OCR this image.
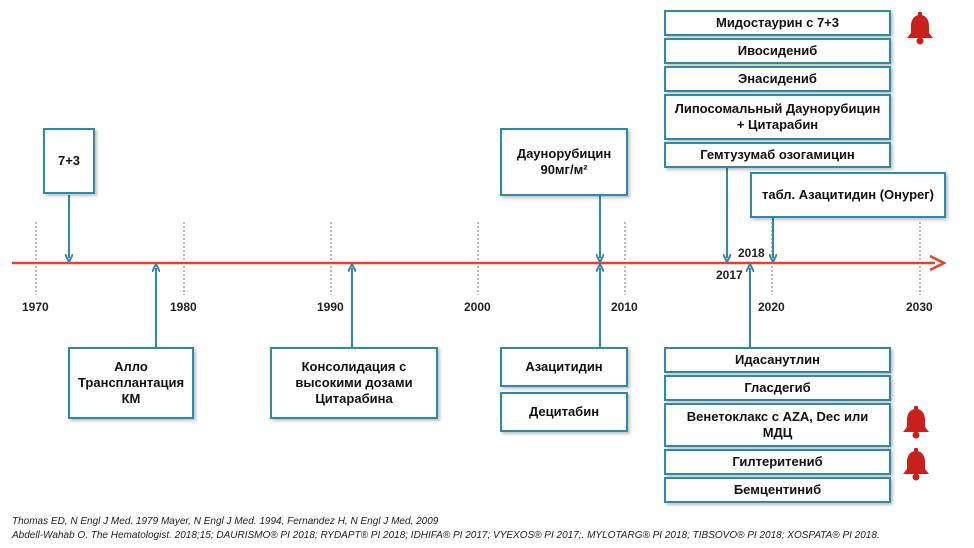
1970	1980	1990	2000	2010
2017
2018
2020	2030
7+3	Даунорубицин
90мг/м²
Мидостаурин с 7+3
Ивосидениб
Энасидениб
Липосомальный Даунорубицин
+ Цитарабин
Гемтузумаб озогамицин
табл. Азацитидин (Онурег)
Алло
Трансплантация
КМ
Консолидация с
высокими дозами
Цитарабина
Азацитидин
Децитабин
Идасанутлин
Гласдегиб
Венетоклакс с AZA, Dec или
МДЦ
Гилтеритениб
Бемцентиниб
Thomas ED, N Engl J Med. 1979 Mayer, N Engl J Med. 1994, Fernandez H, N Engl J Med, 2009
Abdell-Wahab O. The Hematologist. 2018;15; DAURISMO® PI 2018; RYDAPT® PI 2018; IDHIFA® PI 2017; VYEXOS® PI 2017;. MYLOTARG® PI 2018; TIBSOVO® PI 2018; XOSPATA® PI 2018.
